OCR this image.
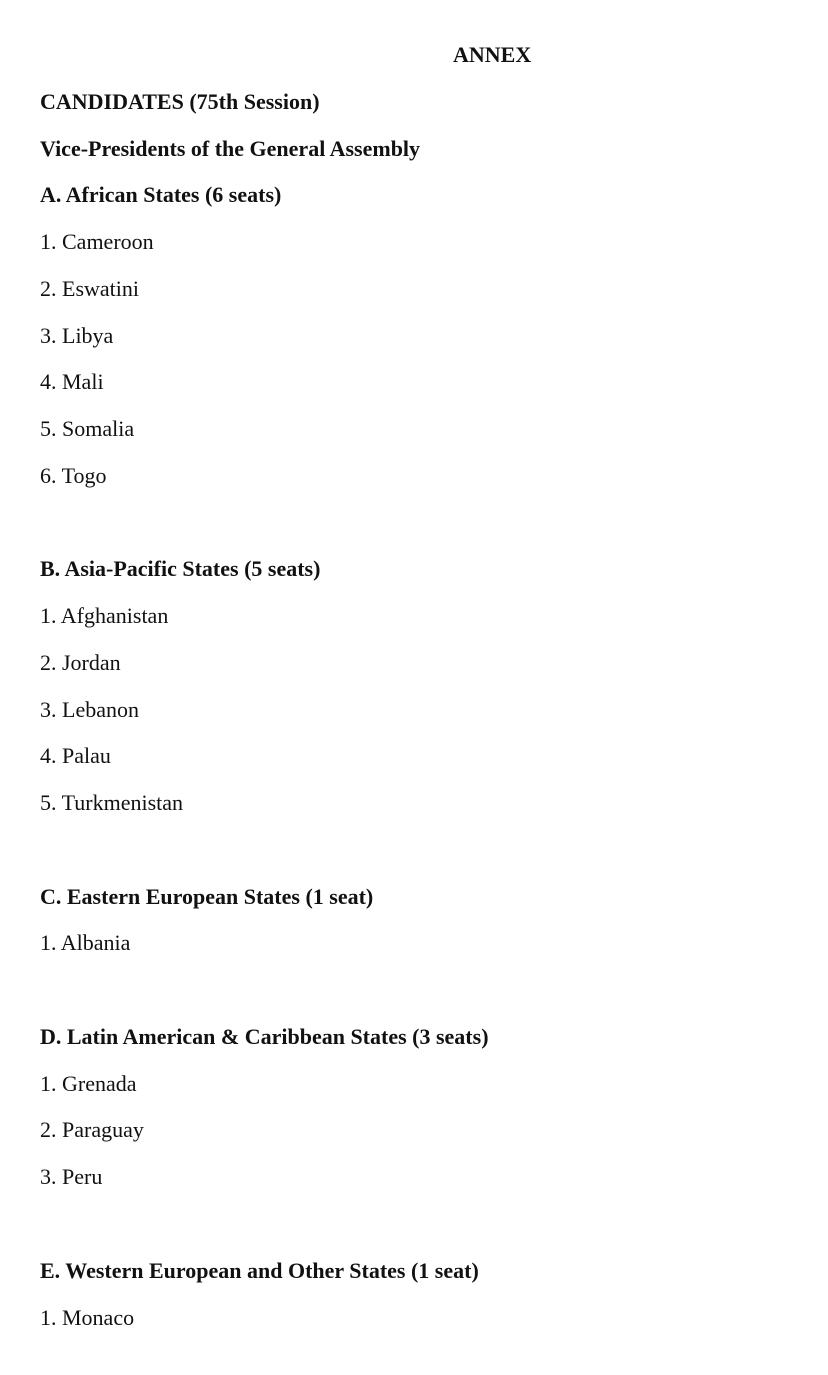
ANNEX
CANDIDATES (75th Session)
Vice-Presidents of the General Assembly
A. African States (6 seats)
1. Cameroon
2. Eswatini
3. Libya
4. Mali
5. Somalia
6. Togo
B. Asia-Pacific States (5 seats)
1. Afghanistan
2. Jordan
3. Lebanon
4. Palau
5. Turkmenistan
C. Eastern European States (1 seat)
1. Albania
D. Latin American & Caribbean States (3 seats)
1. Grenada
2. Paraguay
3. Peru
E. Western European and Other States (1 seat)
1. Monaco
